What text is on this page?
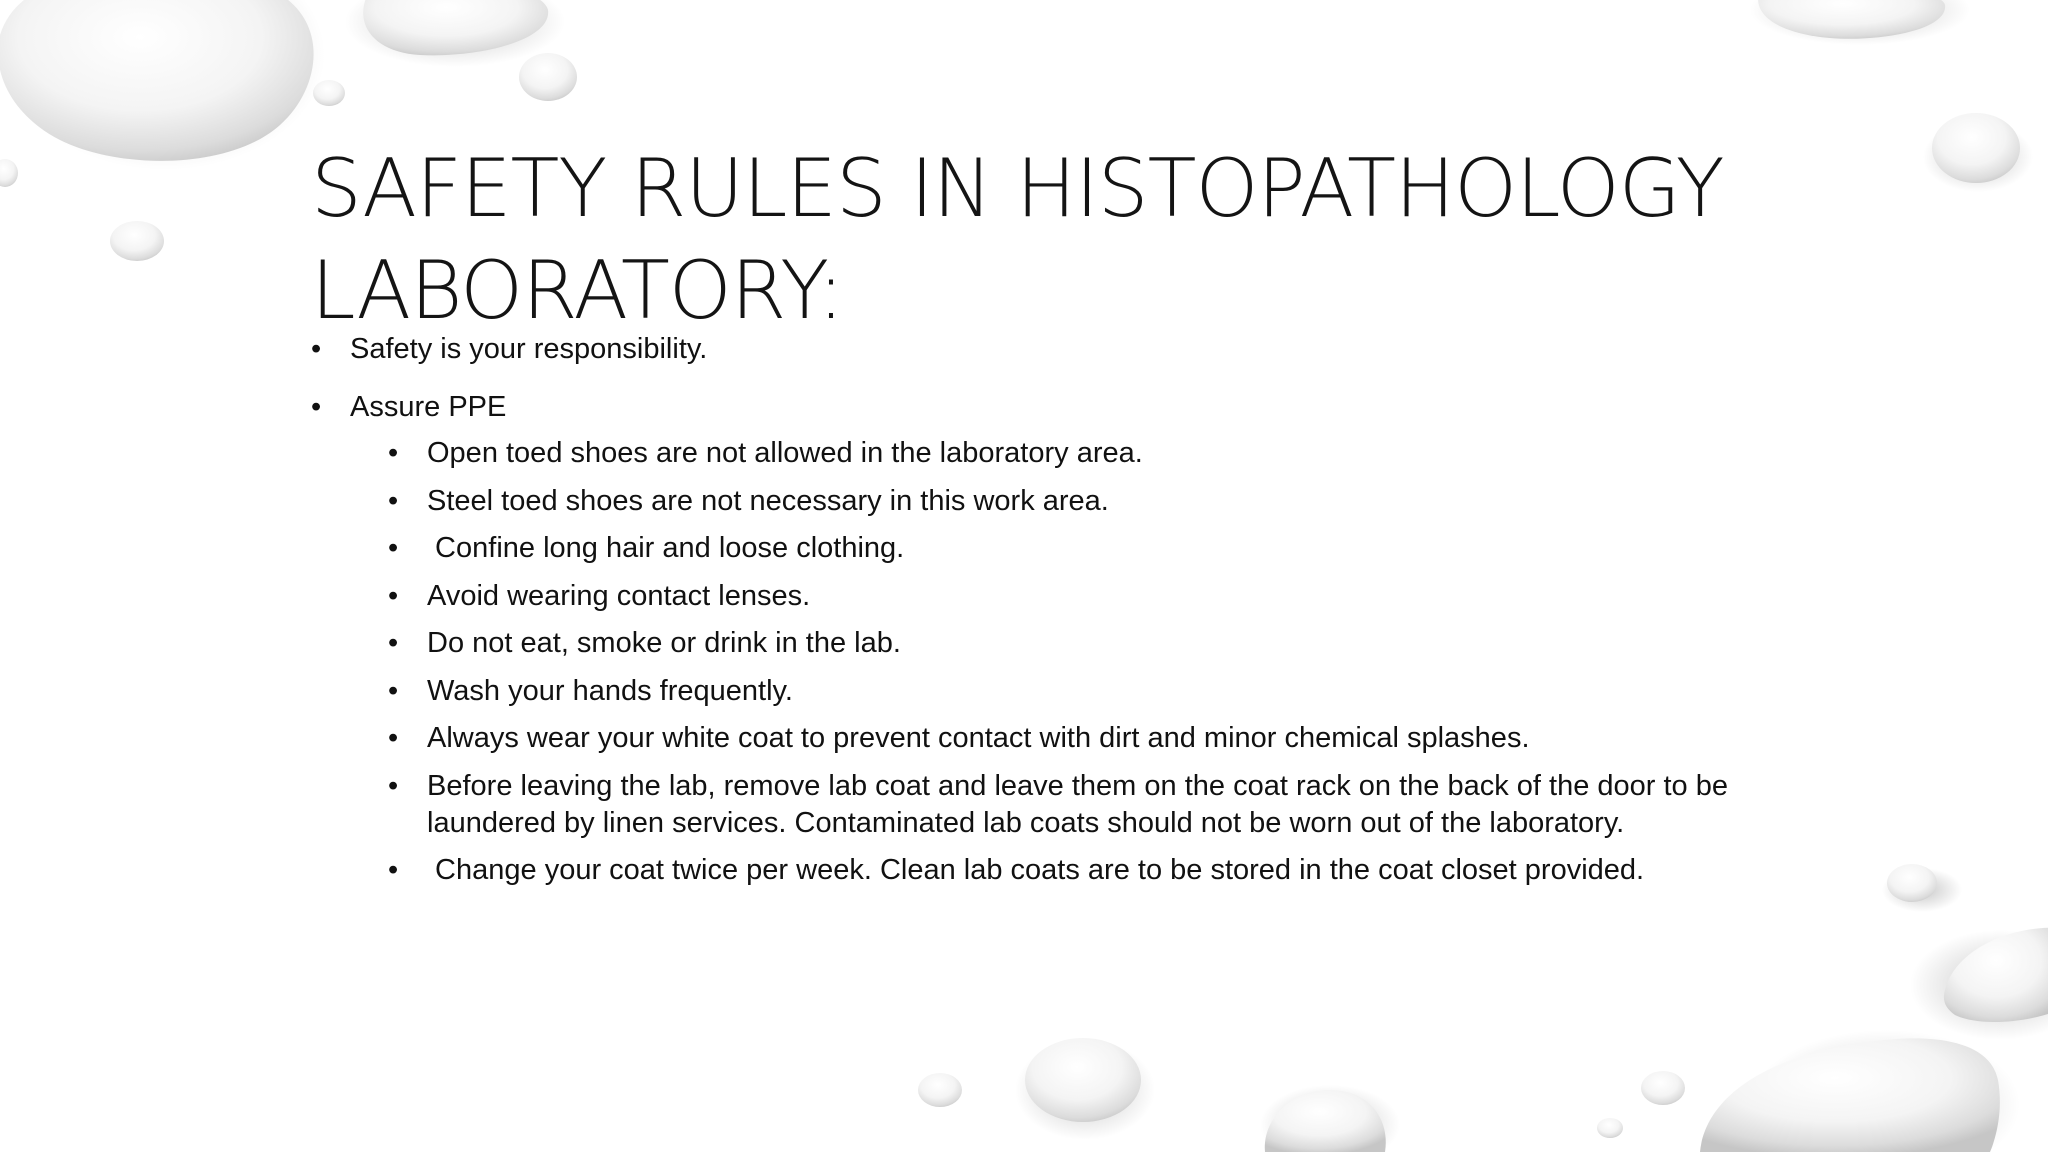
SAFETY RULES IN HISTOPATHOLOGY LABORATORY:
• Safety is your responsibility.
• Assure PPE
• Open toed shoes are not allowed in the laboratory area.
• Steel toed shoes are not necessary in this work area.
•  Confine long hair and loose clothing.
• Avoid wearing contact lenses.
• Do not eat, smoke or drink in the lab.
• Wash your hands frequently.
• Always wear your white coat to prevent contact with dirt and minor chemical splashes.
• Before leaving the lab, remove lab coat and leave them on the coat rack on the back of the door to be laundered by linen services. Contaminated lab coats should not be worn out of the laboratory.
•  Change your coat twice per week. Clean lab coats are to be stored in the coat closet provided.
